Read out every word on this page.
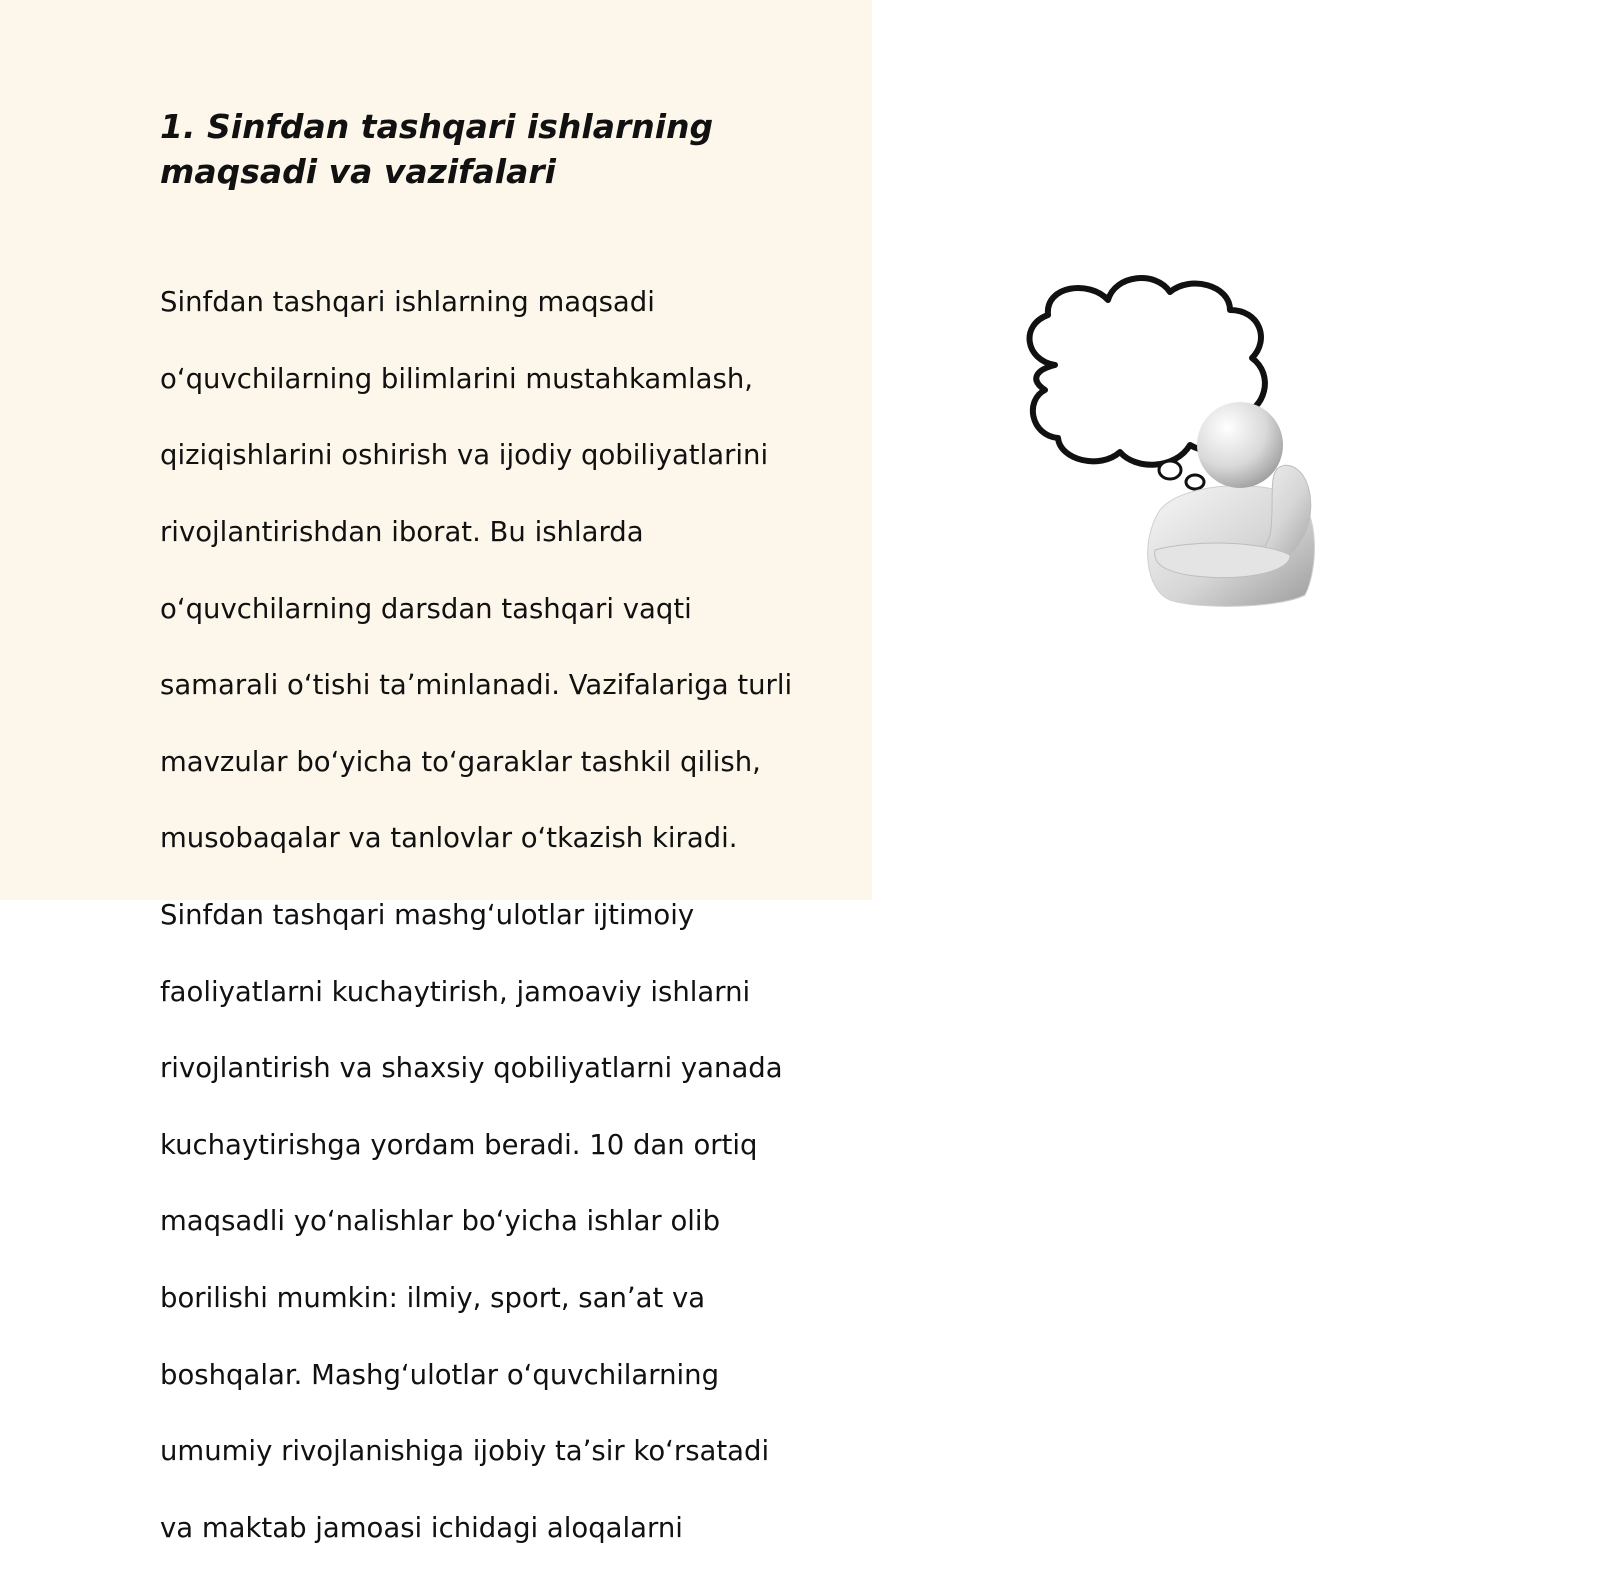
1. Sinfdan tashqari ishlarning
maqsadi va vazifalari

Sinfdan tashqari ishlarning maqsadi

oʻquvchilarning bilimlarini mustahkamlash,

qiziqishlarini oshirish va ijodiy qobiliyatlarini

rivojlantirishdan iborat. Bu ishlarda

oʻquvchilarning darsdan tashqari vaqti

samarali oʻtishi taʼminlanadi. Vazifalariga turli

mavzular boʻyicha toʻgaraklar tashkil qilish,

musobaqalar va tanlovlar oʻtkazish kiradi.

Sinfdan tashqari mashgʻulotlar ijtimoiy

faoliyatlarni kuchaytirish, jamoaviy ishlarni

rivojlantirish va shaxsiy qobiliyatlarni yanada

kuchaytirishga yordam beradi. 10 dan ortiq

maqsadli yoʻnalishlar boʻyicha ishlar olib

borilishi mumkin: ilmiy, sport, sanʼat va

boshqalar. Mashgʻulotlar oʻquvchilarning

umumiy rivojlanishiga ijobiy taʼsir koʻrsatadi

va maktab jamoasi ichidagi aloqalarni
